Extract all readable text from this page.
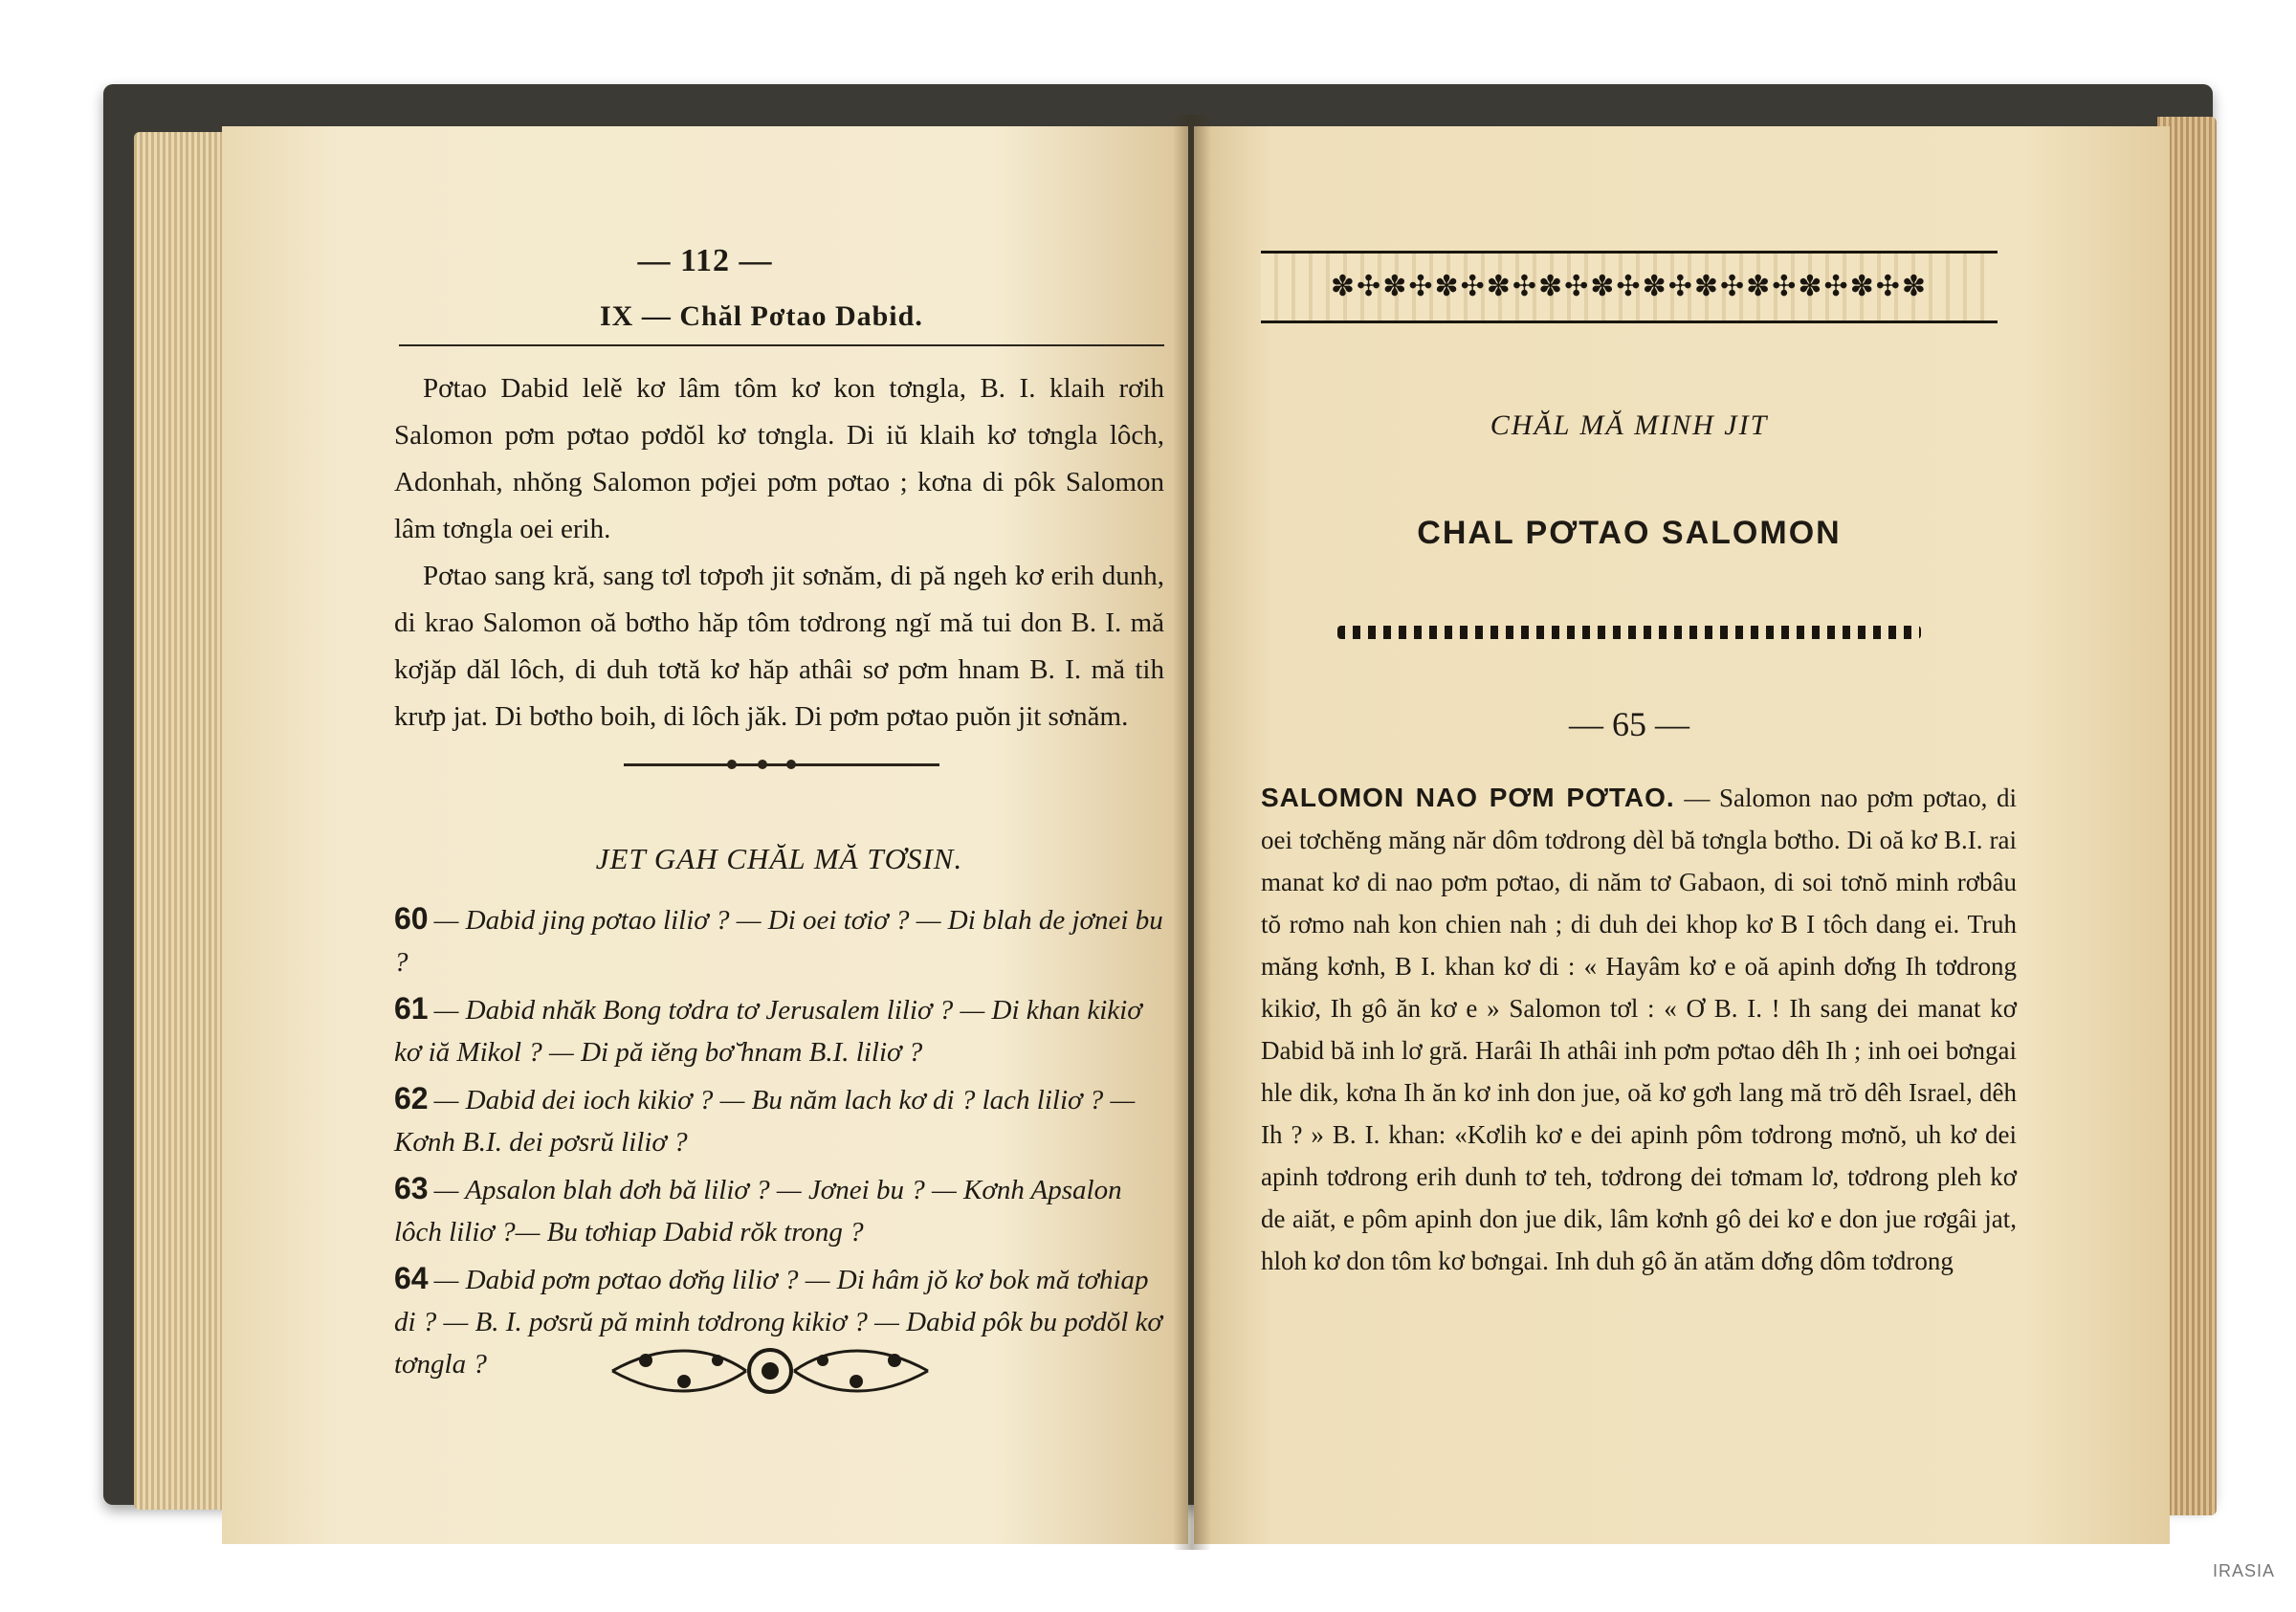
— 112 —
IX — Chăl Pơtao Dabid.

Pơtao Dabid lelě kơ lâm tôm kơ kon tơngla, B. I. klaih rơih Salomon pơm pơtao pơdŏl kơ tơngla. Di iŭ klaih kơ tơngla lôch, Adonhah, nhŏng Salomon pơjei pơm pơtao ; kơna di pôk Salomon lâm tơngla oei erih.

Pơtao sang kră, sang tơl tơpơh jit sơnăm, di pă ngeh kơ erih dunh, di krao Salomon oă bơtho hăp tôm tơdrong ngĭ mă tui don B. I. mă kơjăp dăl lôch, di duh tơtă kơ hăp athâi sơ pơm hnam B. I. mă tih krưp jat. Di bơtho boih, di lôch jăk. Di pơm pơtao puŏn jit sơnăm.

JET GAH CHĂL MĂ TƠSIN.
60 — Dabid jing pơtao liliơ ? — Di oei tơiơ ? — Di blah de jơnei bu ?
61 — Dabid nhăk Bong tơdra tơ Jerusalem liliơ ? — Di khan kikiơ kơ iă Mikol ? — Di pă iĕng bơ̆ hnam B.I. liliơ ?
62 — Dabid dei ioch kikiơ ? — Bu năm lach kơ di ? lach liliơ ? — Kơnh B.I. dei pơsrŭ liliơ ?
63 — Apsalon blah dơh bă liliơ ? — Jơnei bu ? — Kơnh Apsalon lôch liliơ ?— Bu tơhiap Dabid rŏk trong ?
64 — Dabid pơm pơtao dơ̆ng liliơ ? — Di hâm jŏ kơ bok mă tơhiap di ? — B. I. pơsrŭ pă minh tơdrong kikiơ ? — Dabid pôk bu pơdŏl kơ tơngla ?
✽✣✽✣✽✣✽✣✽✣✽✣✽✣✽✣✽✣✽✣✽✣✽
CHĂL MĂ MINH JIT
CHAL PƠTAO SALOMON
— 65 —
SALOMON NAO PƠM PƠTAO. — Salomon nao pơm pơtao, di oei tơchĕng măng năr dôm tơdrong dèl bă tơngla bơtho. Di oă kơ B.I. rai manat kơ di nao pơm pơtao, di năm tơ Gabaon, di soi tơnŏ minh rơbâu tŏ rơmo nah kon chien nah ; di duh dei khop kơ B I tôch dang ei. Truh măng kơnh, B I. khan kơ di : « Hayâm kơ e oă apinh dơ̆ng Ih tơdrong kikiơ, Ih gô ăn kơ e » Salomon tơl : « Ơ B. I. ! Ih sang dei manat kơ Dabid bă inh lơ gră. Harâi Ih athâi inh pơm pơtao dêh Ih ; inh oei bơngai hle dik, kơna Ih ăn kơ inh don jue, oă kơ gơh lang mă trŏ dêh Israel, dêh Ih ? » B. I. khan: «Kơlih kơ e dei apinh pôm tơdrong mơnŏ, uh kơ dei apinh tơdrong erih dunh tơ teh, tơdrong dei tơmam lơ, tơdrong pleh kơ de aiăt, e pôm apinh don jue dik, lâm kơnh gô dei kơ e don jue rơgâi jat, hloh kơ don tôm kơ bơngai. Inh duh gô ăn atăm dơ̆ng dôm tơdrong
IRASIA
